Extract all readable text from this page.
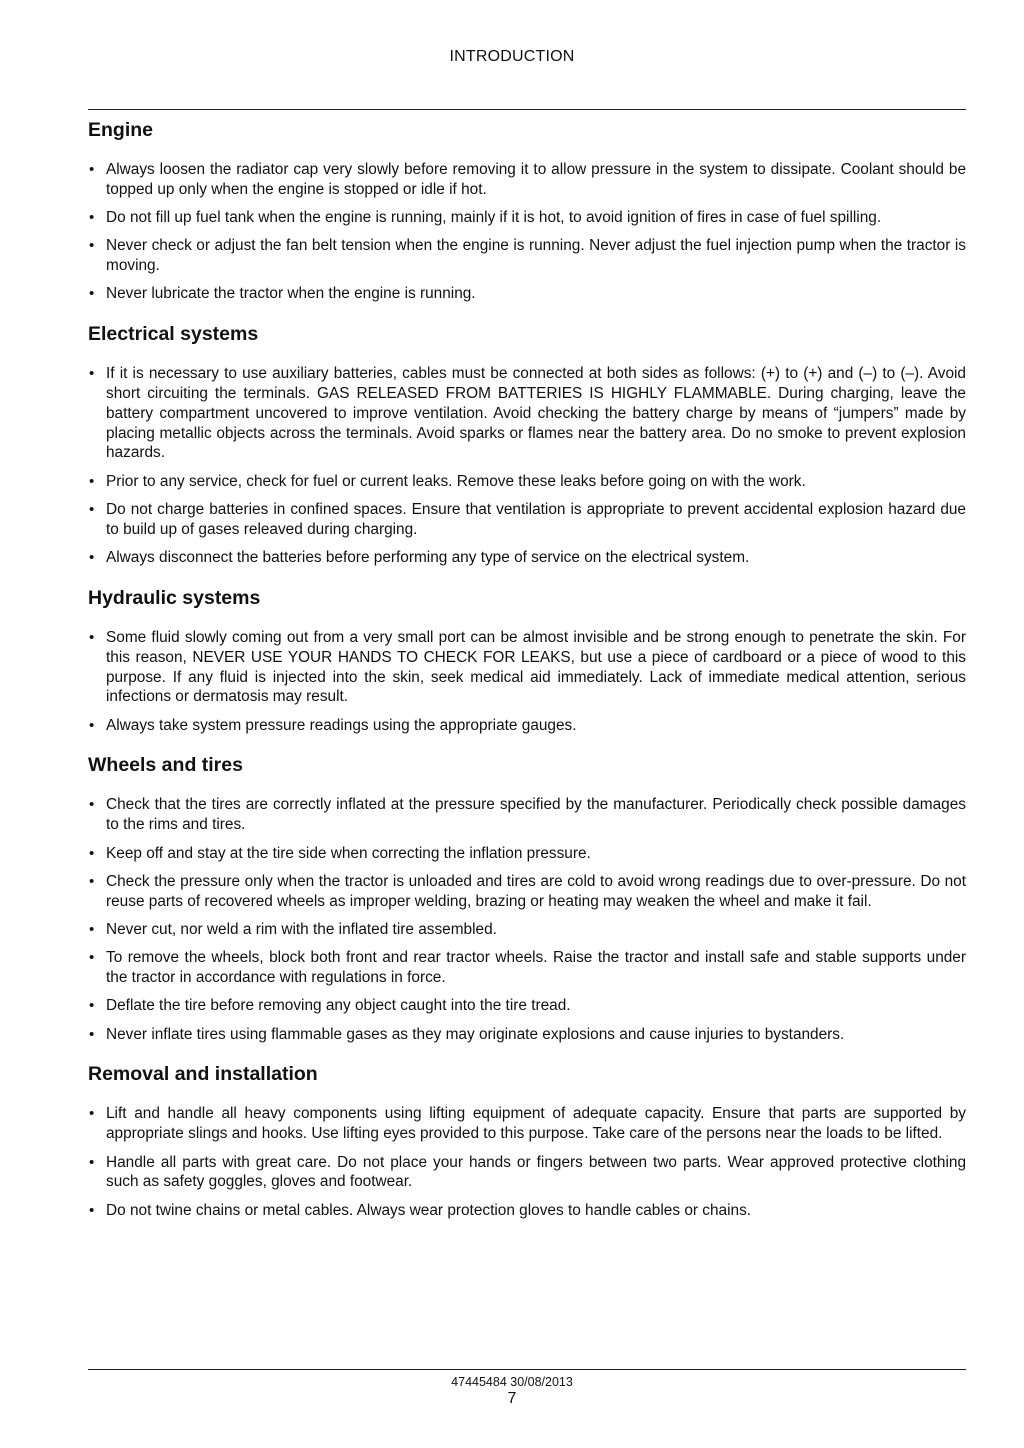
INTRODUCTION
Engine
• Always loosen the radiator cap very slowly before removing it to allow pressure in the system to dissipate. Coolant should be topped up only when the engine is stopped or idle if hot.
• Do not fill up fuel tank when the engine is running, mainly if it is hot, to avoid ignition of fires in case of fuel spilling.
• Never check or adjust the fan belt tension when the engine is running. Never adjust the fuel injection pump when the tractor is moving.
• Never lubricate the tractor when the engine is running.
Electrical systems
• If it is necessary to use auxiliary batteries, cables must be connected at both sides as follows: (+) to (+) and (–) to (–). Avoid short circuiting the terminals. GAS RELEASED FROM BATTERIES IS HIGHLY FLAMMABLE. During charging, leave the battery compartment uncovered to improve ventilation. Avoid checking the battery charge by means of “jumpers” made by placing metallic objects across the terminals. Avoid sparks or flames near the battery area. Do no smoke to prevent explosion hazards.
• Prior to any service, check for fuel or current leaks. Remove these leaks before going on with the work.
• Do not charge batteries in confined spaces. Ensure that ventilation is appropriate to prevent accidental explosion hazard due to build up of gases releaved during charging.
• Always disconnect the batteries before performing any type of service on the electrical system.
Hydraulic systems
• Some fluid slowly coming out from a very small port can be almost invisible and be strong enough to penetrate the skin. For this reason, NEVER USE YOUR HANDS TO CHECK FOR LEAKS, but use a piece of cardboard or a piece of wood to this purpose. If any fluid is injected into the skin, seek medical aid immediately. Lack of immediate medical attention, serious infections or dermatosis may result.
• Always take system pressure readings using the appropriate gauges.
Wheels and tires
• Check that the tires are correctly inflated at the pressure specified by the manufacturer. Periodically check possible damages to the rims and tires.
• Keep off and stay at the tire side when correcting the inflation pressure.
• Check the pressure only when the tractor is unloaded and tires are cold to avoid wrong readings due to over-pressure. Do not reuse parts of recovered wheels as improper welding, brazing or heating may weaken the wheel and make it fail.
• Never cut, nor weld a rim with the inflated tire assembled.
• To remove the wheels, block both front and rear tractor wheels. Raise the tractor and install safe and stable supports under the tractor in accordance with regulations in force.
• Deflate the tire before removing any object caught into the tire tread.
• Never inflate tires using flammable gases as they may originate explosions and cause injuries to bystanders.
Removal and installation
• Lift and handle all heavy components using lifting equipment of adequate capacity. Ensure that parts are supported by appropriate slings and hooks. Use lifting eyes provided to this purpose. Take care of the persons near the loads to be lifted.
• Handle all parts with great care. Do not place your hands or fingers between two parts. Wear approved protective clothing such as safety goggles, gloves and footwear.
• Do not twine chains or metal cables. Always wear protection gloves to handle cables or chains.
47445484 30/08/2013
7
